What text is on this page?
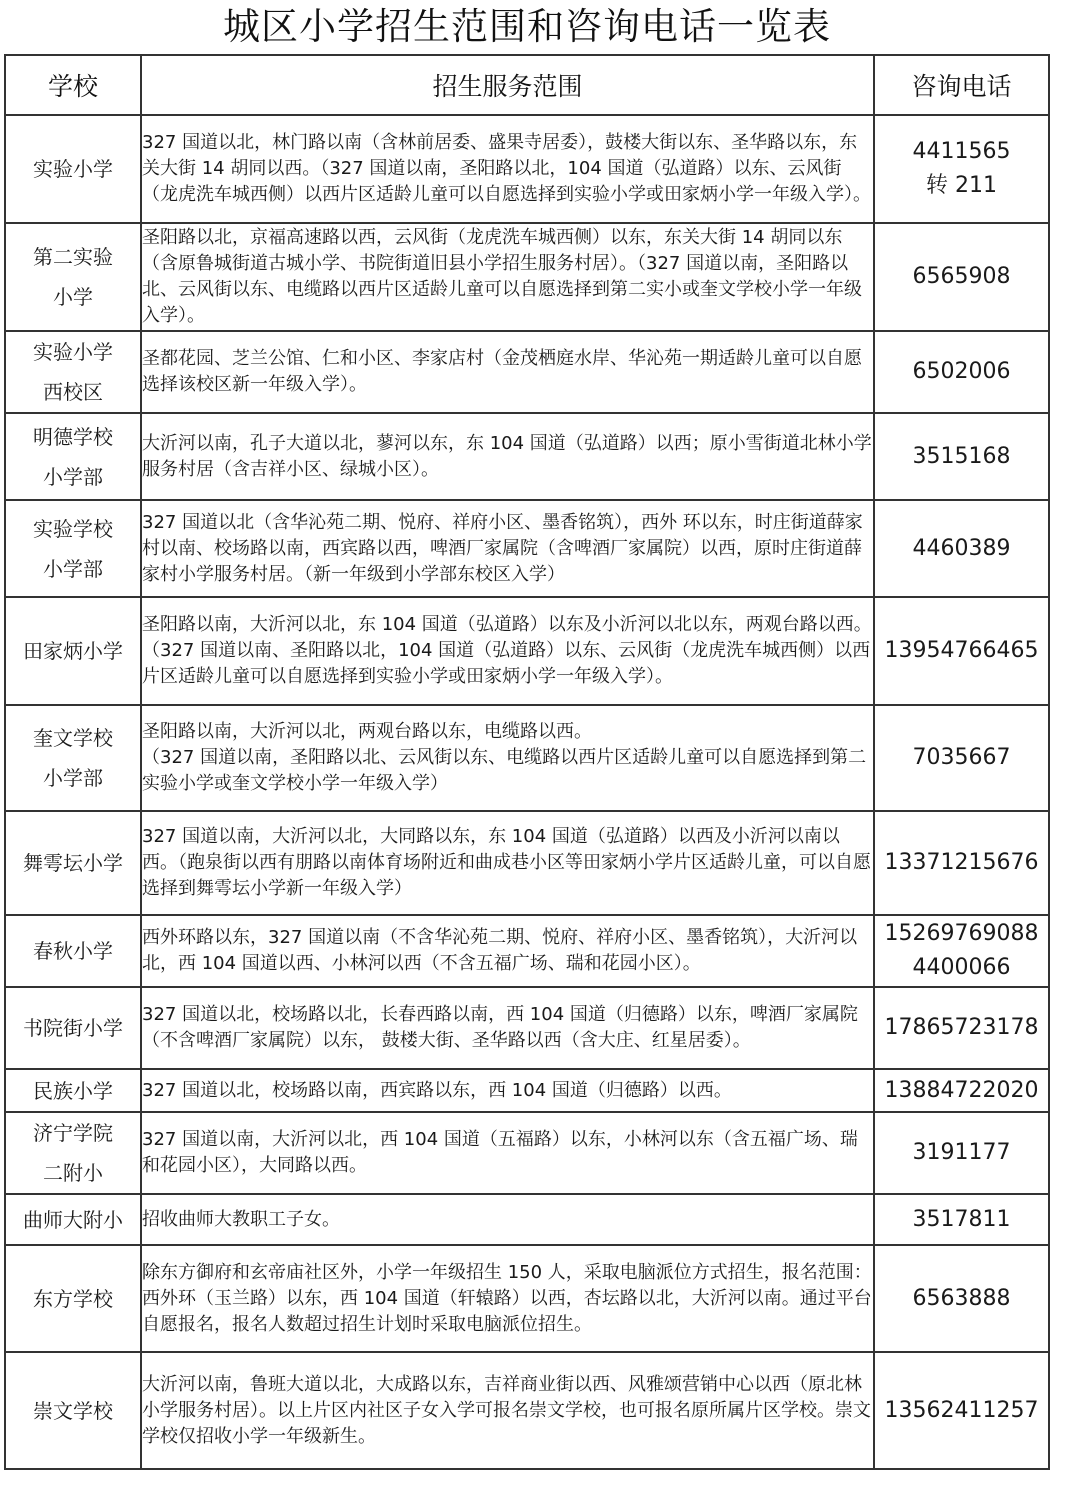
城区小学招生范围和咨询电话一览表
学校	招生服务范围	咨询电话
实验小学	327 国道以北，林门路以南（含林前居委、盛果寺居委），鼓楼大街以东、圣华路以东，东关大街 14 胡同以西。（327 国道以南，圣阳路以北，104 国道（弘道路）以东、云风街（龙虎洗车城西侧）以西片区适龄儿童可以自愿选择到实验小学或田家炳小学一年级入学）。	4411565
转 211
第二实验
小学	圣阳路以北，京福高速路以西，云风街（龙虎洗车城西侧）以东，东关大街 14 胡同以东（含原鲁城街道古城小学、书院街道旧县小学招生服务村居）。（327 国道以南，圣阳路以北、云风街以东、电缆路以西片区适龄儿童可以自愿选择到第二实小或奎文学校小学一年级入学）。	6565908
实验小学
西校区	圣都花园、芝兰公馆、仁和小区、李家店村（金茂栖庭水岸、华沁苑一期适龄儿童可以自愿选择该校区新一年级入学）。	6502006
明德学校
小学部	大沂河以南，孔子大道以北，蓼河以东，东 104 国道（弘道路）以西；原小雪街道北林小学服务村居（含吉祥小区、绿城小区）。	3515168
实验学校
小学部	327 国道以北（含华沁苑二期、悦府、祥府小区、墨香铭筑），西外 环以东，时庄街道薛家村以南、校场路以南，西宾路以西，啤酒厂家属院（含啤酒厂家属院）以西，原时庄街道薛家村小学服务村居。（新一年级到小学部东校区入学）	4460389
田家炳小学	圣阳路以南，大沂河以北，东 104 国道（弘道路）以东及小沂河以北以东，两观台路以西。（327 国道以南、圣阳路以北，104 国道（弘道路）以东、云风街（龙虎洗车城西侧）以西片区适龄儿童可以自愿选择到实验小学或田家炳小学一年级入学）。	13954766465
奎文学校
小学部	圣阳路以南，大沂河以北，两观台路以东，电缆路以西。
（327 国道以南，圣阳路以北、云风街以东、电缆路以西片区适龄儿童可以自愿选择到第二实验小学或奎文学校小学一年级入学）	7035667
舞雩坛小学	327 国道以南，大沂河以北，大同路以东，东 104 国道（弘道路）以西及小沂河以南以西。（跑泉街以西有朋路以南体育场附近和曲成巷小区等田家炳小学片区适龄儿童，可以自愿选择到舞雩坛小学新一年级入学）	13371215676
春秋小学	西外环路以东，327 国道以南（不含华沁苑二期、悦府、祥府小区、墨香铭筑），大沂河以北，西 104 国道以西、小林河以西（不含五福广场、瑞和花园小区）。	15269769088
4400066
书院街小学	327 国道以北，校场路以北，长春西路以南，西 104 国道（归德路）以东，啤酒厂家属院（不含啤酒厂家属院）以东， 鼓楼大街、圣华路以西（含大庄、红星居委）。	17865723178
民族小学	327 国道以北，校场路以南，西宾路以东，西 104 国道（归德路）以西。	13884722020
济宁学院
二附小	327 国道以南，大沂河以北，西 104 国道（五福路）以东，小林河以东（含五福广场、瑞和花园小区），大同路以西。	3191177
曲师大附小	招收曲师大教职工子女。	3517811
东方学校	除东方御府和玄帝庙社区外，小学一年级招生 150 人，采取电脑派位方式招生，报名范围：西外环（玉兰路）以东，西 104 国道（轩辕路）以西，杏坛路以北，大沂河以南。通过平台自愿报名，报名人数超过招生计划时采取电脑派位招生。	6563888
崇文学校	大沂河以南，鲁班大道以北，大成路以东，吉祥商业街以西、风雅颂营销中心以西（原北林小学服务村居）。以上片区内社区子女入学可报名崇文学校，也可报名原所属片区学校。崇文学校仅招收小学一年级新生。	13562411257
